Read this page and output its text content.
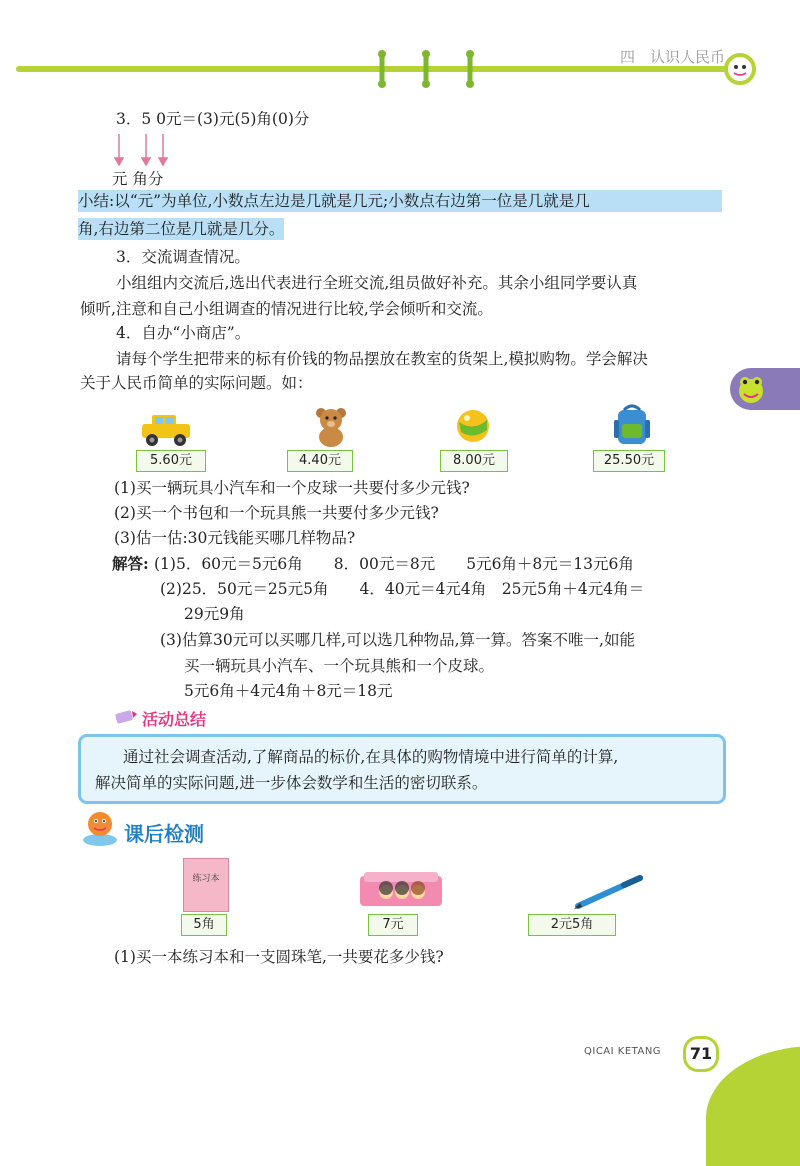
四　认识人民币
3．5 0元＝(3)元(5)角(0)分
元 角分
小结:以“元”为单位,小数点左边是几就是几元;小数点右边第一位是几就是几
角,右边第二位是几就是几分。
3．交流调查情况。
小组组内交流后,选出代表进行全班交流,组员做好补充。其余小组同学要认真
倾听,注意和自己小组调查的情况进行比较,学会倾听和交流。
4．自办“小商店”。
请每个学生把带来的标有价钱的物品摆放在教室的货架上,模拟购物。学会解决
关于人民币简单的实际问题。如：
5.60元	4.40元	8.00元	25.50元
(1)买一辆玩具小汽车和一个皮球一共要付多少元钱?
(2)买一个书包和一个玩具熊一共要付多少元钱?
(3)估一估:30元钱能买哪几样物品?
解答: (1)5．60元＝5元6角　　8．00元＝8元　　5元6角＋8元＝13元6角
(2)25．50元＝25元5角　　4．40元＝4元4角　25元5角＋4元4角＝
29元9角
(3)估算30元可以买哪几样,可以选几种物品,算一算。答案不唯一,如能
买一辆玩具小汽车、一个玩具熊和一个皮球。
5元6角＋4元4角＋8元＝18元
活动总结
通过社会调查活动,了解商品的标价,在具体的购物情境中进行简单的计算,
解决简单的实际问题,进一步体会数学和生活的密切联系。
课后检测
练习本
5角	7元	2元5角
(1)买一本练习本和一支圆珠笔,一共要花多少钱?
QICAI KETANG	71
